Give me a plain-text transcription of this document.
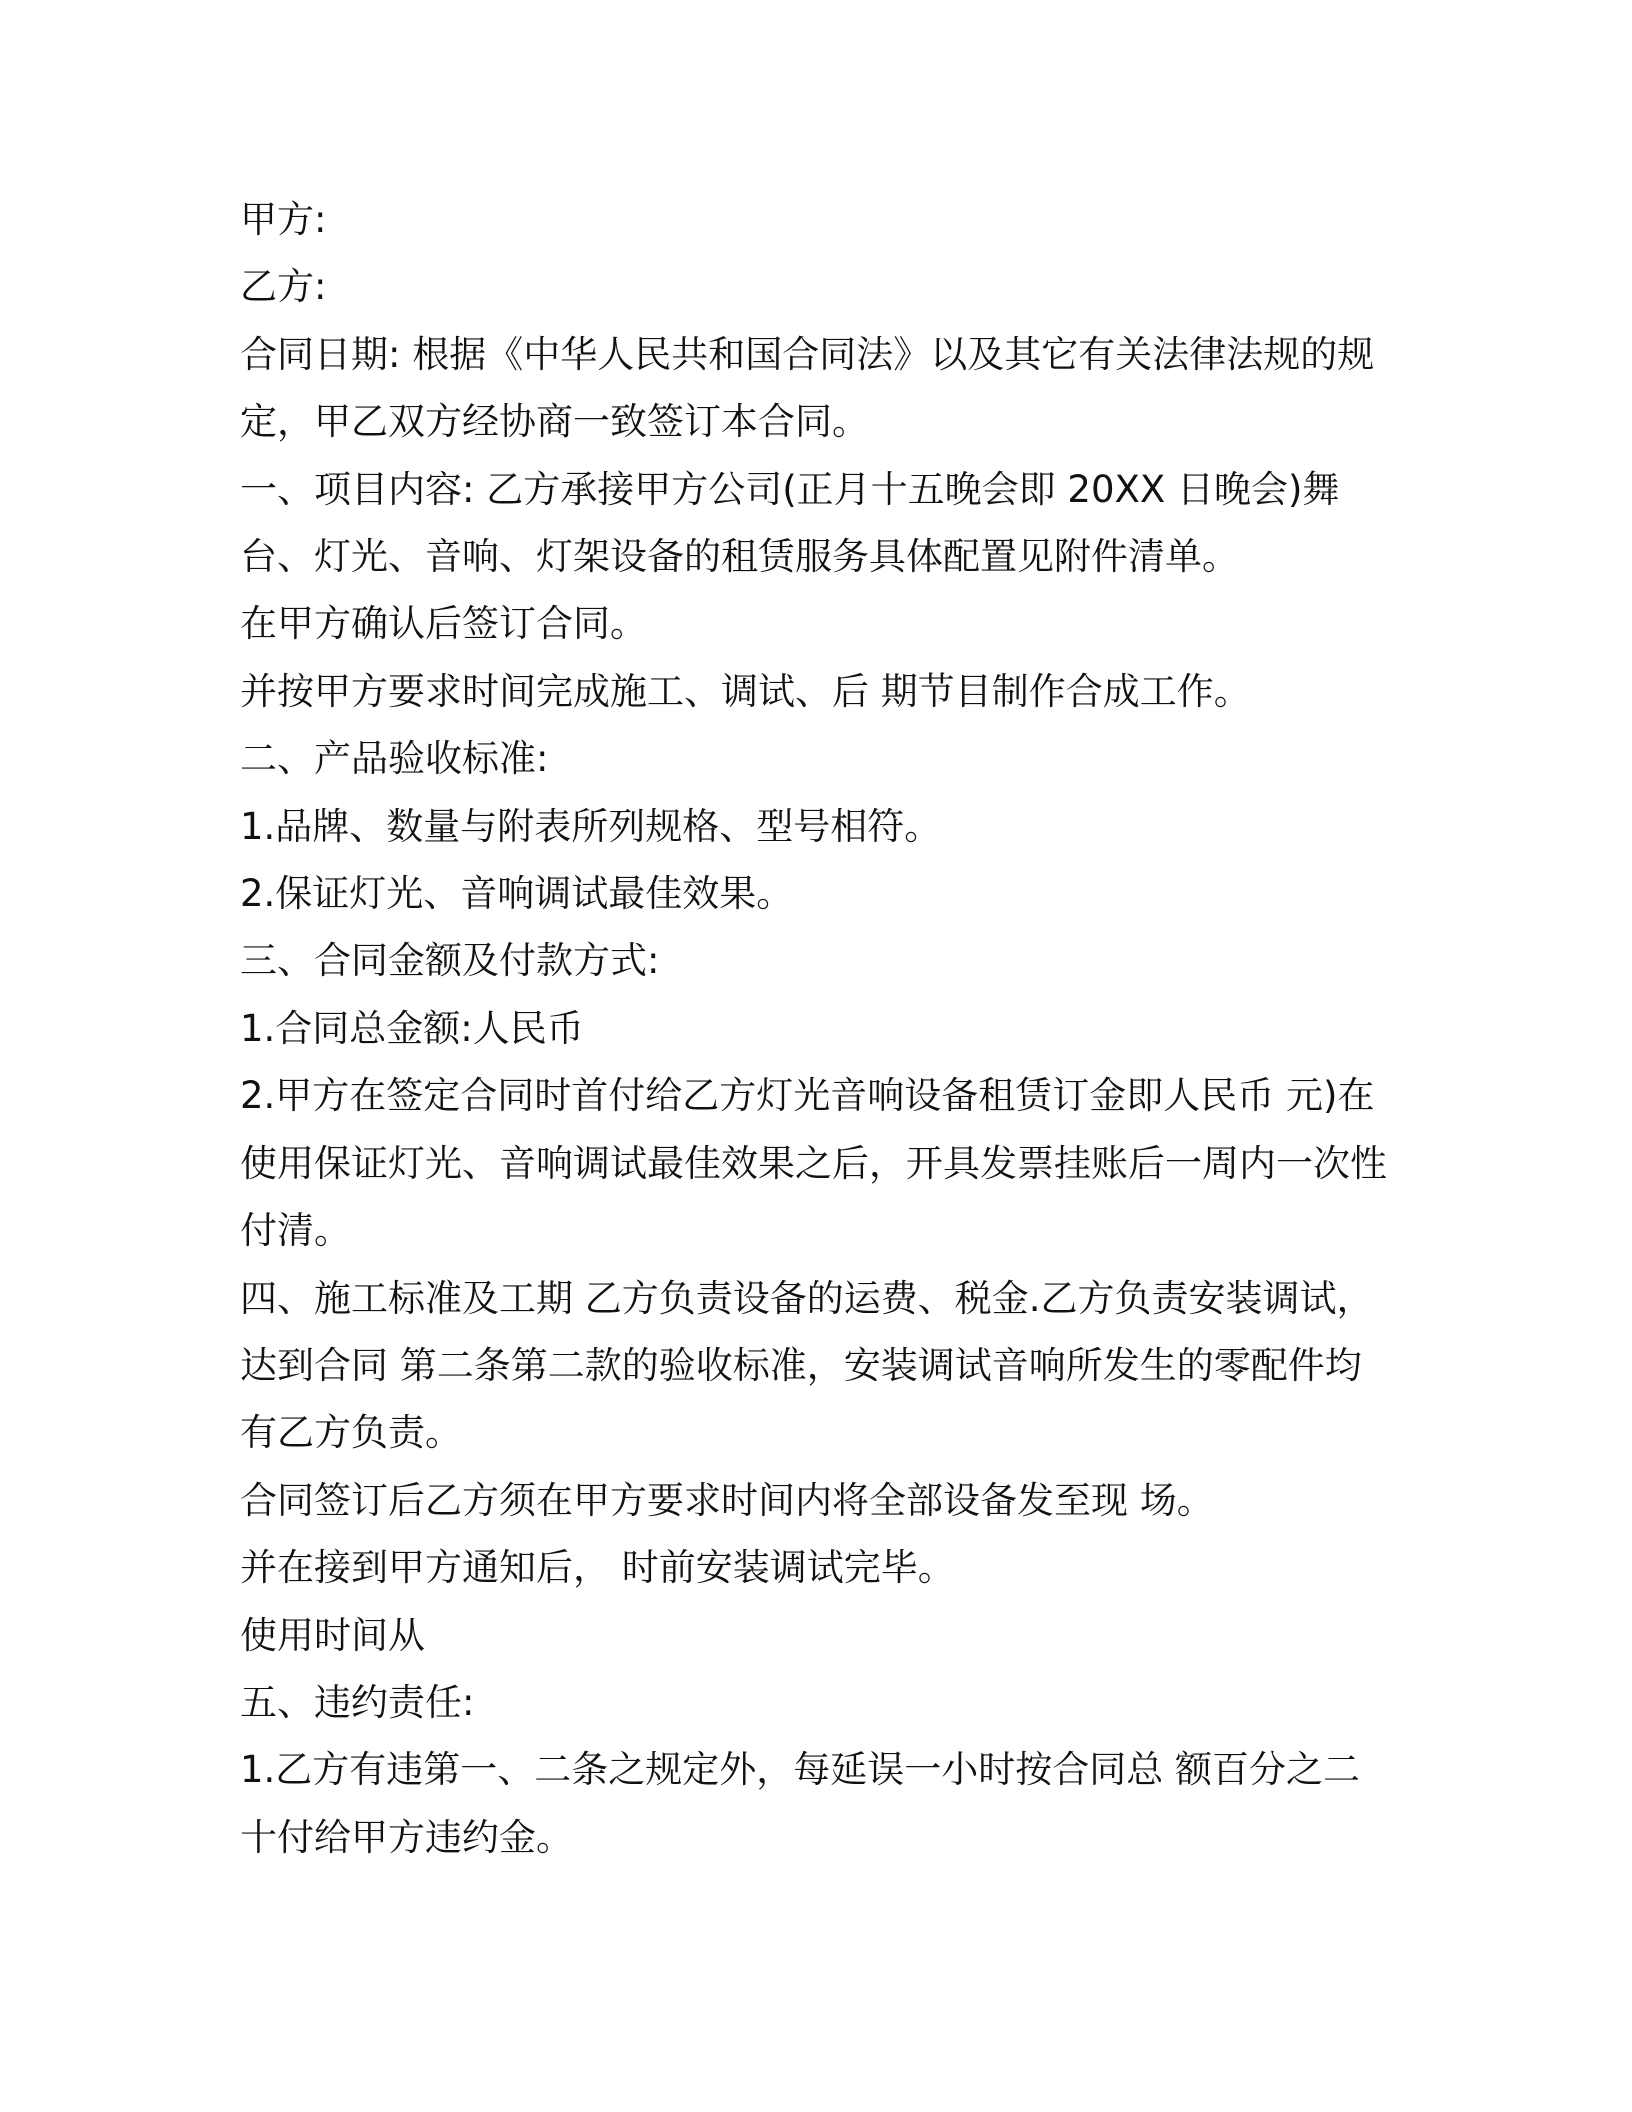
甲方:

乙方:

合同日期: 根据《中华人民共和国合同法》以及其它有关法律法规的规定，甲乙双方经协商一致签订本合同。

一、项目内容: 乙方承接甲方公司(正月十五晚会即 20XX 日晚会)舞台、灯光、音响、灯架设备的租赁服务具体配置见附件清单。

在甲方确认后签订合同。

并按甲方要求时间完成施工、调试、后 期节目制作合成工作。

二、产品验收标准:

1.品牌、数量与附表所列规格、型号相符。

2.保证灯光、音响调试最佳效果。

三、合同金额及付款方式:

1.合同总金额:人民币

2.甲方在签定合同时首付给乙方灯光音响设备租赁订金即人民币 元)在使用保证灯光、音响调试最佳效果之后，开具发票挂账后一周内一次性付清。

四、施工标准及工期 乙方负责设备的运费、税金.乙方负责安装调试，达到合同 第二条第二款的验收标准，安装调试音响所发生的零配件均有乙方负责。

合同签订后乙方须在甲方要求时间内将全部设备发至现 场。

并在接到甲方通知后， 时前安装调试完毕。

使用时间从

五、违约责任:

1.乙方有违第一、二条之规定外，每延误一小时按合同总 额百分之二十付给甲方违约金。
